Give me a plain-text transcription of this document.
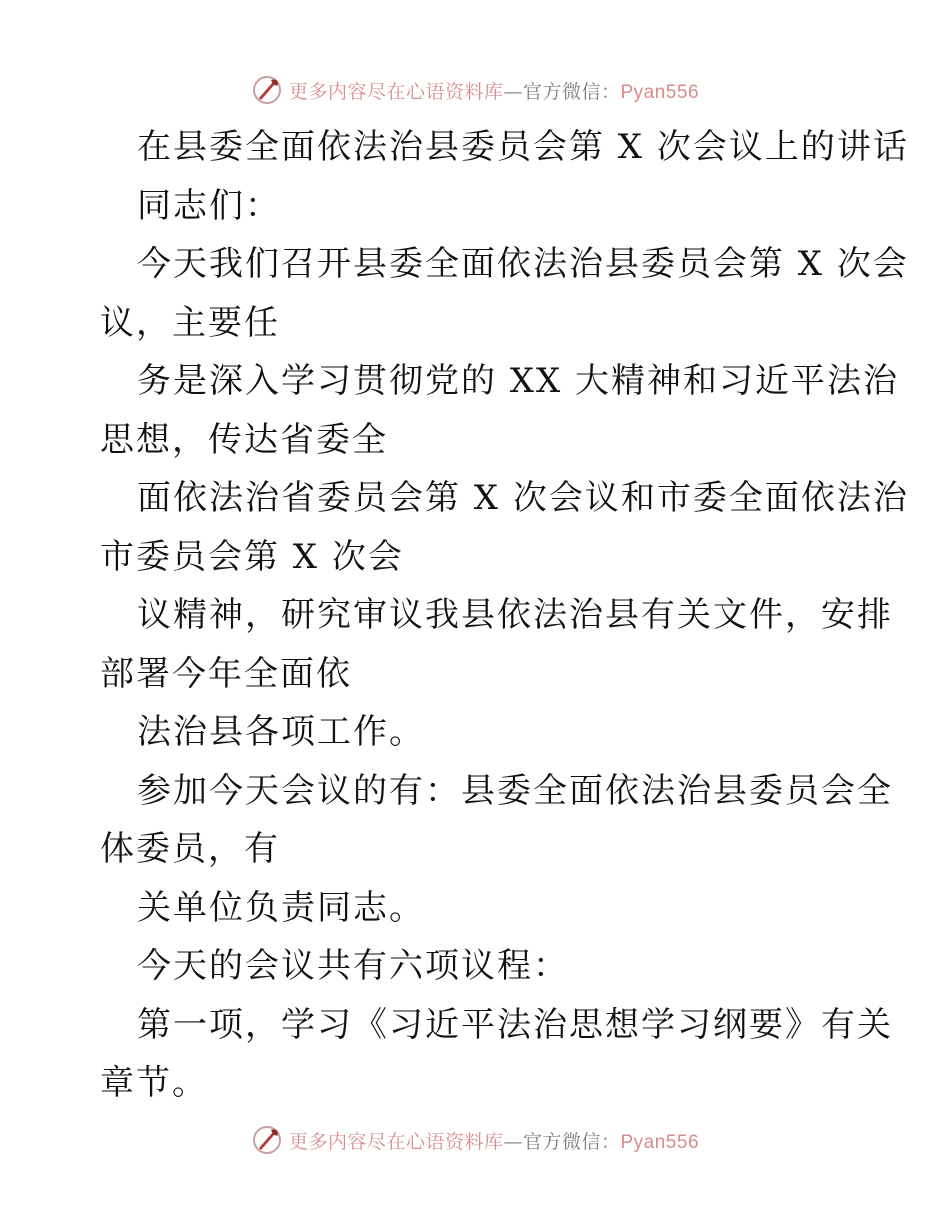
更多内容尽在心语资料库—官方微信：Pyan556
在县委全面依法治县委员会第 X 次会议上的讲话
同志们：
今天我们召开县委全面依法治县委员会第 X 次会
议，主要任
务是深入学习贯彻党的 XX 大精神和习近平法治
思想，传达省委全
面依法治省委员会第 X 次会议和市委全面依法治
市委员会第 X 次会
议精神，研究审议我县依法治县有关文件，安排
部署今年全面依
法治县各项工作。
参加今天会议的有：县委全面依法治县委员会全
体委员，有
关单位负责同志。
今天的会议共有六项议程：
第一项，学习《习近平法治思想学习纲要》有关
章节。
更多内容尽在心语资料库—官方微信：Pyan556
